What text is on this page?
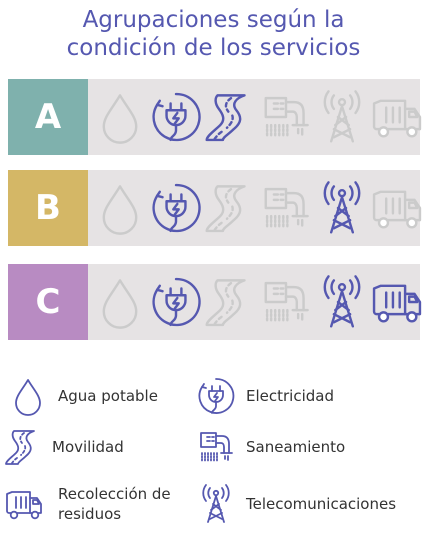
Agrupaciones según la
condición de los servicios
A
B
C
Agua potable	Electricidad
Movilidad	Saneamiento
Recolección de
residuos
Telecomunicaciones
